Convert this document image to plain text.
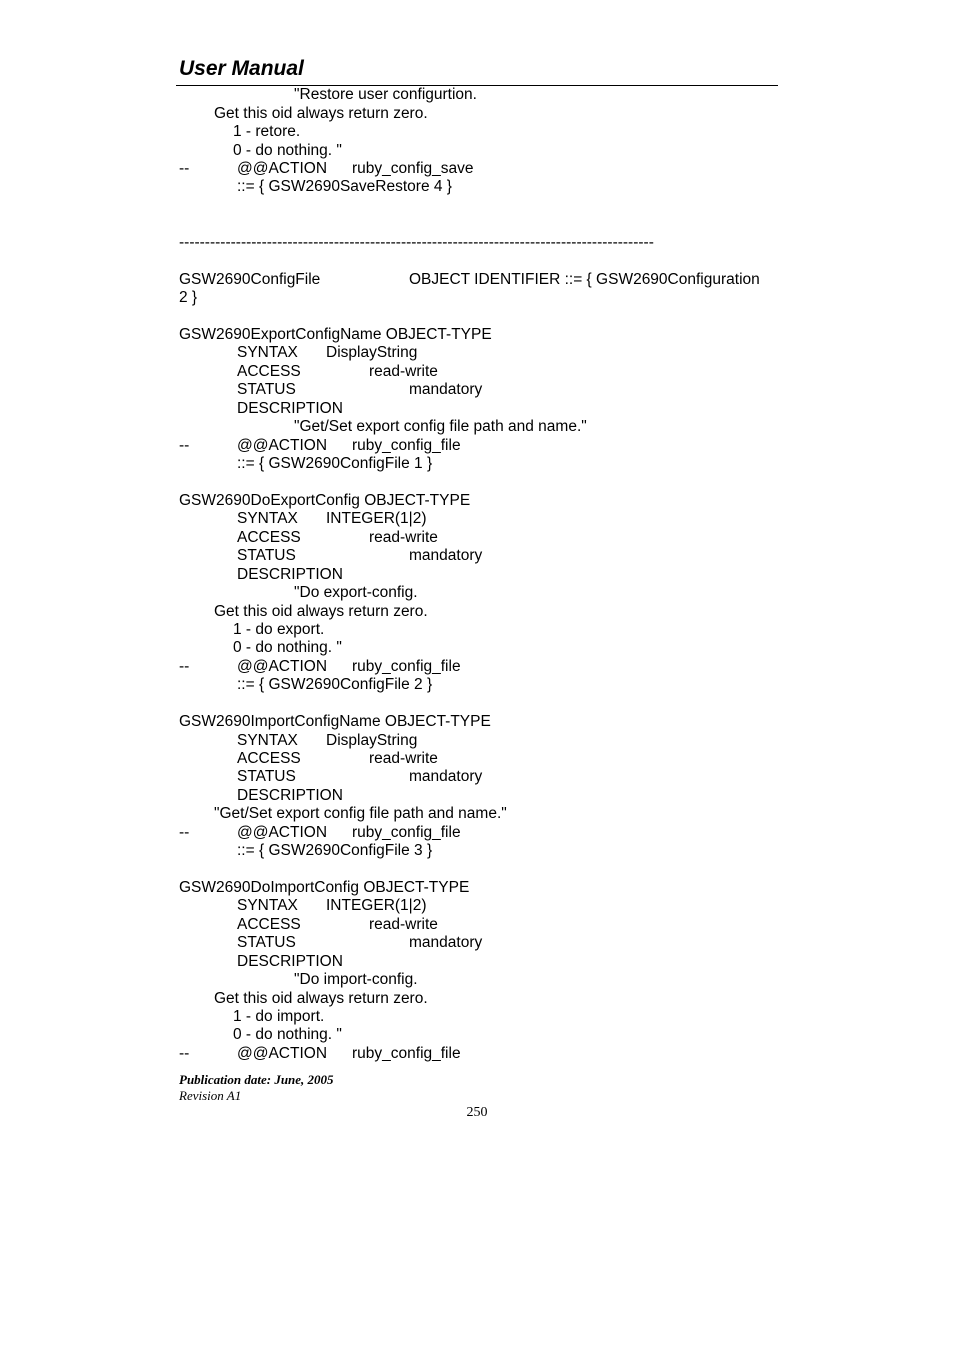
User Manual
"Restore user configurtion.
Get this oid always return zero.
1 - retore.
0 - do nothing. "
--	@@ACTION ruby_config_save
::= { GSW2690SaveRestore 4 }
--------------------------------------------------------------------------------------------
GSW2690ConfigFile	OBJECT IDENTIFIER ::= { GSW2690Configuration
2 }
GSW2690ExportConfigName OBJECT-TYPE
SYNTAX DisplayString
ACCESS	read-write
STATUS	mandatory
DESCRIPTION
"Get/Set export config file path and name."
--	@@ACTION ruby_config_file
::= { GSW2690ConfigFile 1 }
GSW2690DoExportConfig OBJECT-TYPE
SYNTAX INTEGER(1|2)
ACCESS	read-write
STATUS	mandatory
DESCRIPTION
"Do export-config.
Get this oid always return zero.
1 - do export.
0 - do nothing. "
--	@@ACTION ruby_config_file
::= { GSW2690ConfigFile 2 }
GSW2690ImportConfigName OBJECT-TYPE
SYNTAX DisplayString
ACCESS	read-write
STATUS	mandatory
DESCRIPTION
"Get/Set export config file path and name."
--	@@ACTION ruby_config_file
::= { GSW2690ConfigFile 3 }
GSW2690DoImportConfig OBJECT-TYPE
SYNTAX INTEGER(1|2)
ACCESS	read-write
STATUS	mandatory
DESCRIPTION
"Do import-config.
Get this oid always return zero.
1 - do import.
0 - do nothing. "
--	@@ACTION ruby_config_file
Publication date: June, 2005
Revision A1
250
